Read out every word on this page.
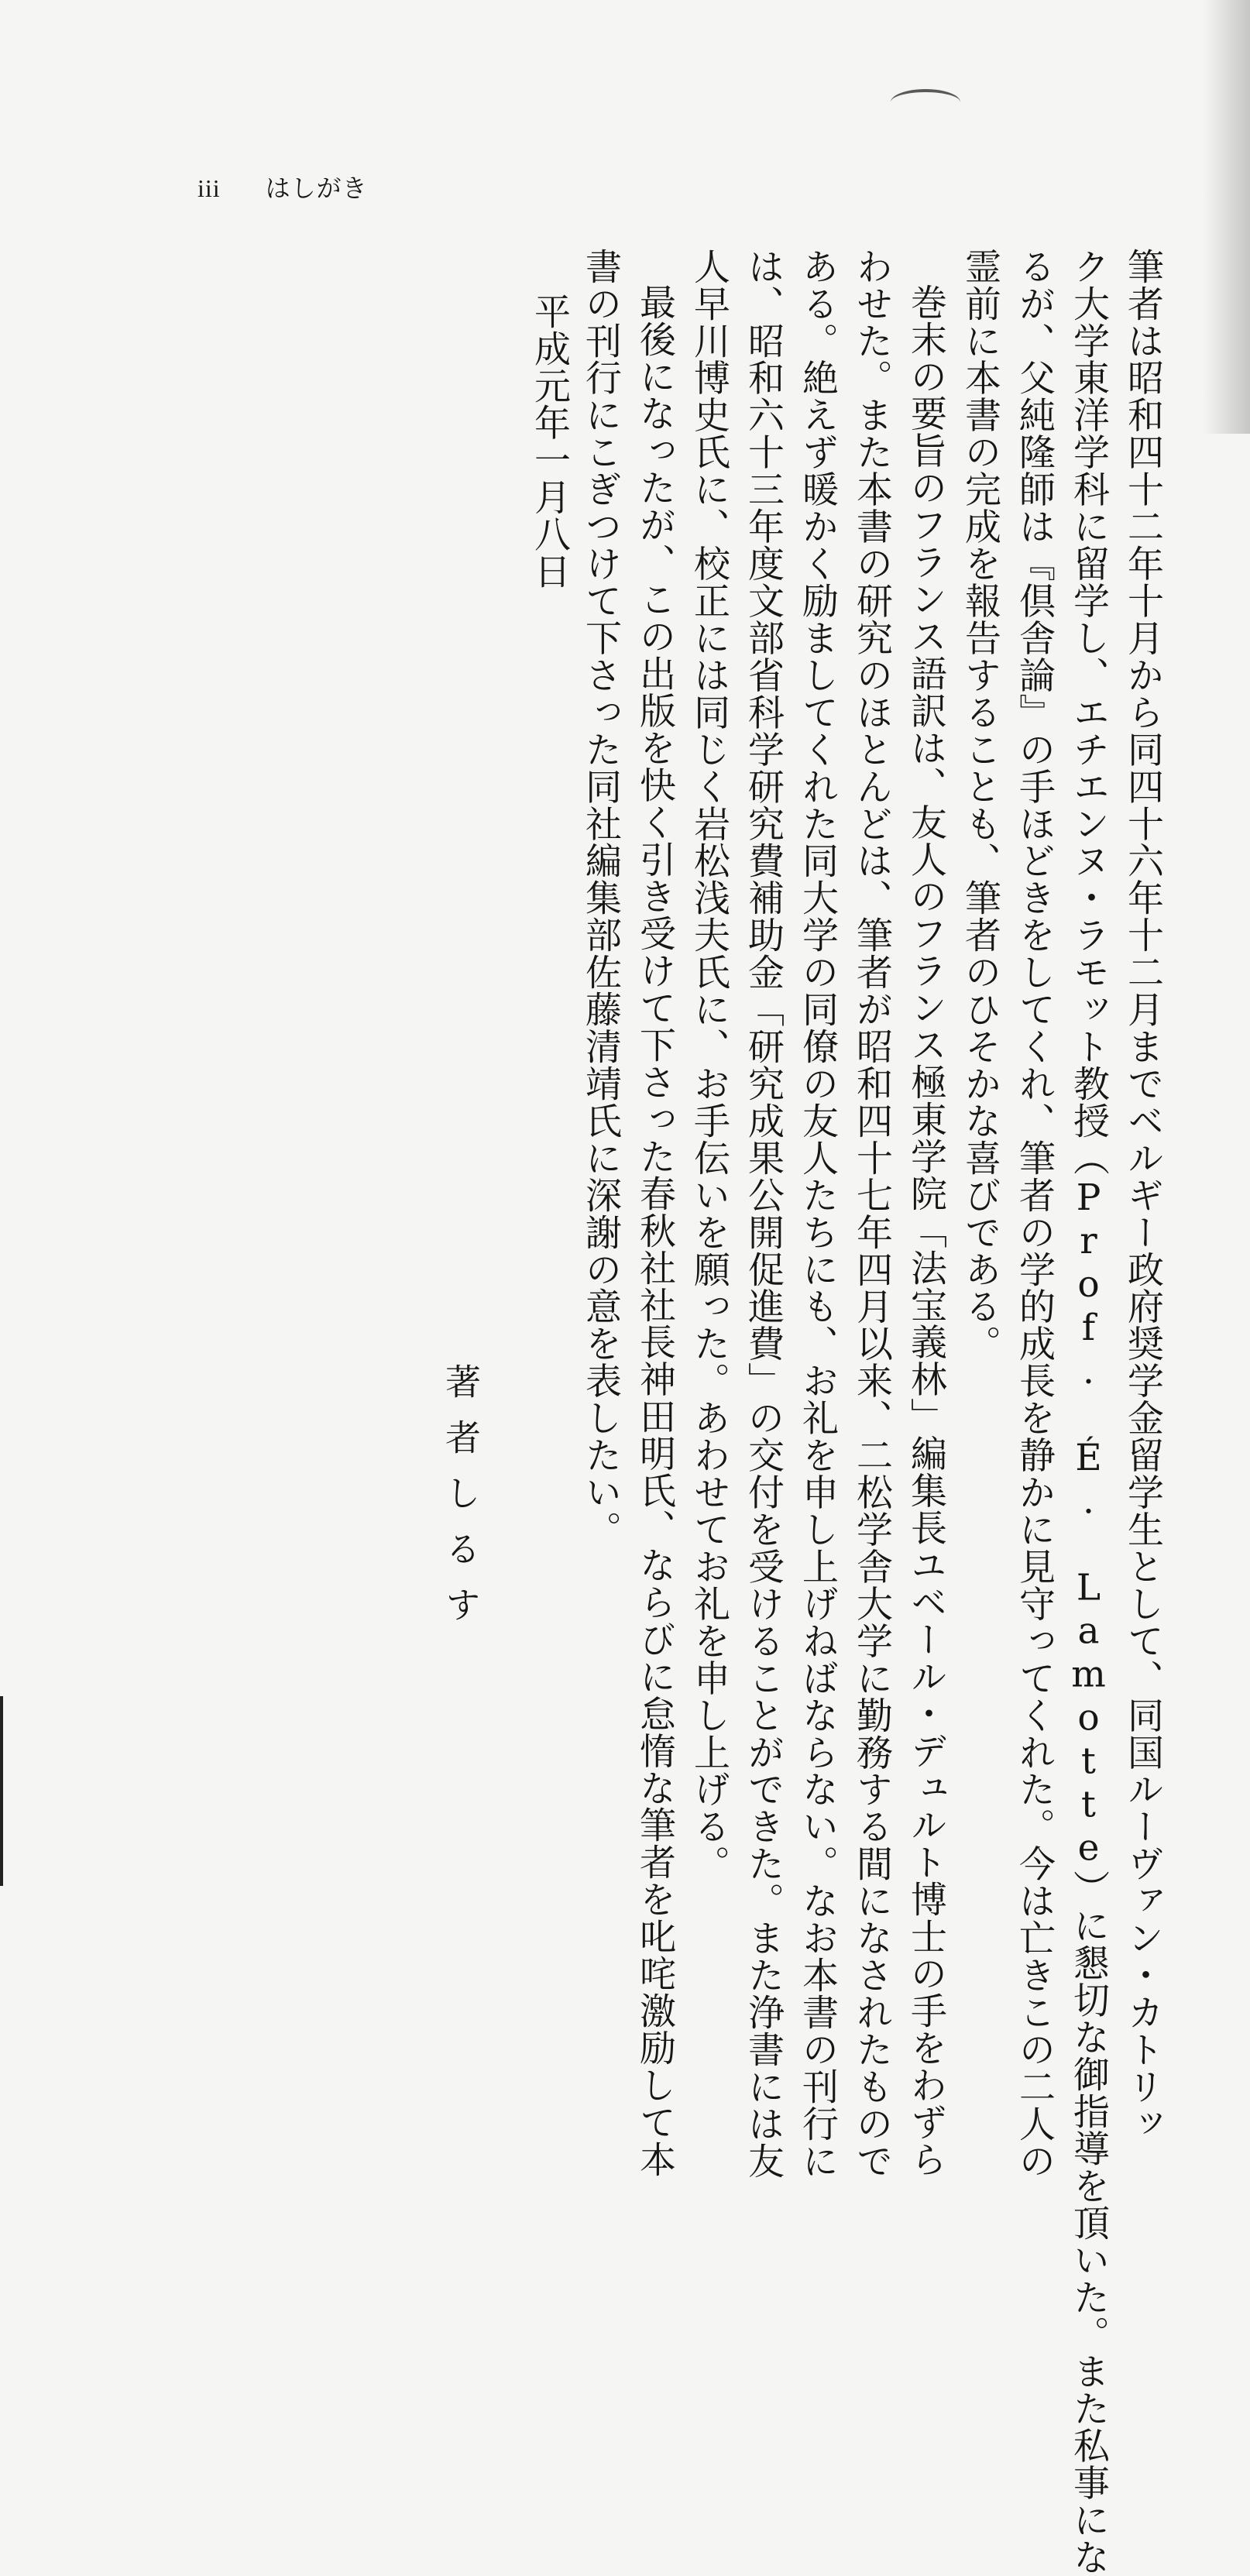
iii はしがき
筆者は昭和四十二年十月から同四十六年十二月までベルギー政府奨学金留学生として、同国ルーヴァン・カトリッ
ク大学東洋学科に留学し、エチエンヌ・ラモット教授（Prof. É. Lamotte）に懇切な御指導を頂いた。また私事にな
るが、父純隆師は『倶舎論』の手ほどきをしてくれ、筆者の学的成長を静かに見守ってくれた。今は亡きこの二人の
霊前に本書の完成を報告することも、筆者のひそかな喜びである。
巻末の要旨のフランス語訳は、友人のフランス極東学院「法宝義林」編集長ユベール・デュルト博士の手をわずら
わせた。また本書の研究のほとんどは、筆者が昭和四十七年四月以来、二松学舎大学に勤務する間になされたもので
ある。絶えず暖かく励ましてくれた同大学の同僚の友人たちにも、お礼を申し上げねばならない。なお本書の刊行に
は、昭和六十三年度文部省科学研究費補助金「研究成果公開促進費」の交付を受けることができた。また浄書には友
人早川博史氏に、校正には同じく岩松浅夫氏に、お手伝いを願った。あわせてお礼を申し上げる。
最後になったが、この出版を快く引き受けて下さった春秋社社長神田明氏、ならびに怠惰な筆者を叱咤激励して本
書の刊行にこぎつけて下さった同社編集部佐藤清靖氏に深謝の意を表したい。
著者しるす
平成元年一月八日
